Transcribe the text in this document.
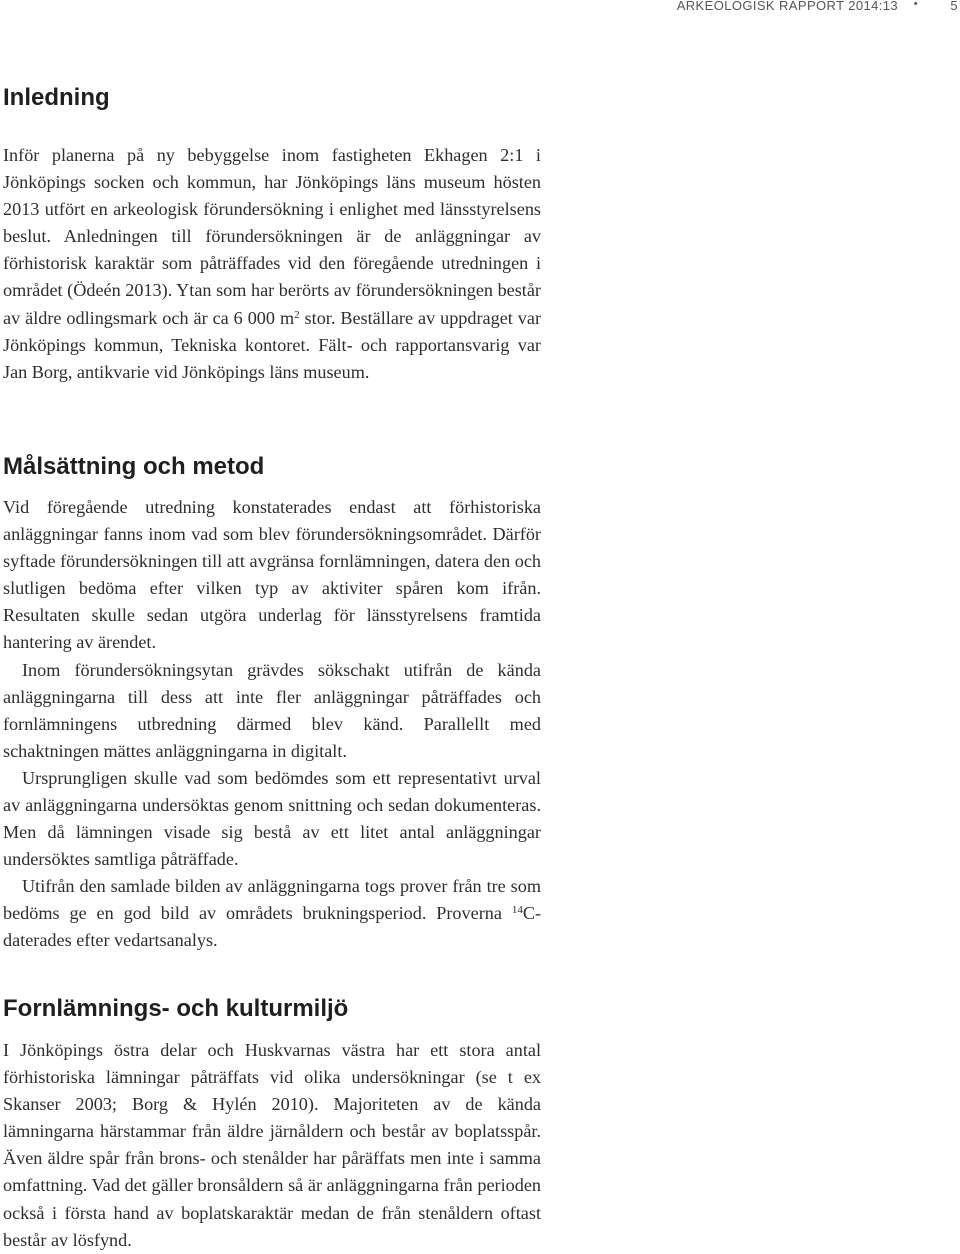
ARKEOLOGISK RAPPORT 2014:13 • 5
Inledning

Inför planerna på ny bebyggelse inom fastigheten Ekhagen 2:1 i Jönköpings socken och kommun, har Jönköpings läns museum hösten 2013 utfört en arkeologisk förundersökning i enlighet med länsstyrelsens beslut. Anledningen till förundersökningen är de anläggningar av förhistorisk karaktär som påträffades vid den föregående utredningen i området (Ödeén 2013). Ytan som har berörts av förundersökningen består av äldre odlingsmark och är ca 6 000 $m^2$ stor. Beställare av uppdraget var Jönköpings kommun, Tekniska kontoret. Fält- och rapportansvarig var Jan Borg, antikvarie vid Jönköpings läns museum.

Målsättning och metod

Vid föregående utredning konstaterades endast att förhistoriska anläggningar fanns inom vad som blev förundersökningsområdet. Därför syftade förundersökningen till att avgränsa fornlämningen, datera den och slutligen bedöma efter vilken typ av aktiviter spåren kom ifrån. Resultaten skulle sedan utgöra underlag för länsstyrelsens framtida hantering av ärendet.

Inom förundersökningsytan grävdes sökschakt utifrån de kända anläggningarna till dess att inte fler anläggningar påträffades och fornlämningens utbredning därmed blev känd. Parallellt med schaktningen mättes anläggningarna in digitalt.

Ursprungligen skulle vad som bedömdes som ett representativt urval av anläggningarna undersöktas genom snittning och sedan dokumenteras. Men då lämningen visade sig bestå av ett litet antal anläggningar undersöktes samtliga påträffade.

Utifrån den samlade bilden av anläggningarna togs prover från tre som bedöms ge en god bild av områdets brukningsperiod. Proverna $^{14}$C-daterades efter vedartsanalys.

Fornlämnings- och kulturmiljö

I Jönköpings östra delar och Huskvarnas västra har ett stora antal förhistoriska lämningar påträffats vid olika undersökningar (se t ex Skanser 2003; Borg & Hylén 2010). Majoriteten av de kända lämningarna härstammar från äldre järnåldern och består av boplatsspår. Även äldre spår från brons- och stenålder har påräffats men inte i samma omfattning. Vad det gäller bronsåldern så är anläggningarna från perioden också i första hand av boplatskaraktär medan de från stenåldern oftast består av lösfynd.
